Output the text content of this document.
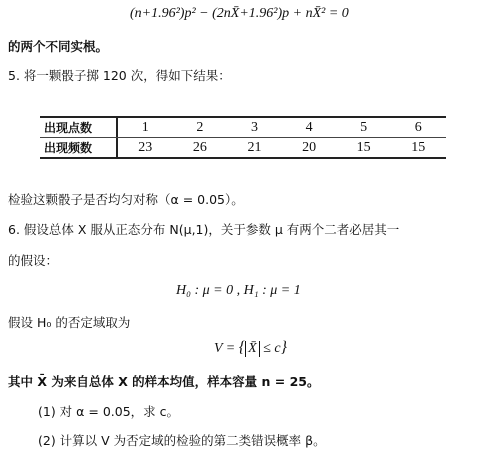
(n+1.96²)p² − (2nX̄+1.96²)p + nX̄² = 0
的两个不同实根。
5. 将一颗骰子掷 120 次，得如下结果：
出现点数	1	2	3	4	5	6
出现频数	23	26	21	20	15	15
检验这颗骰子是否均匀对称（α = 0.05）。
6. 假设总体 X 服从正态分布 N(μ,1)，关于参数 μ 有两个二者必居其一
的假设：
H₀ : μ = 0 , H₁ : μ = 1
假设 H₀ 的否定域取为
V = { X̄ ≤ c}
其中 X̄ 为来自总体 X 的样本均值，样本容量 n = 25。
(1) 对 α = 0.05，求 c。
(2) 计算以 V 为否定域的检验的第二类错误概率 β。
